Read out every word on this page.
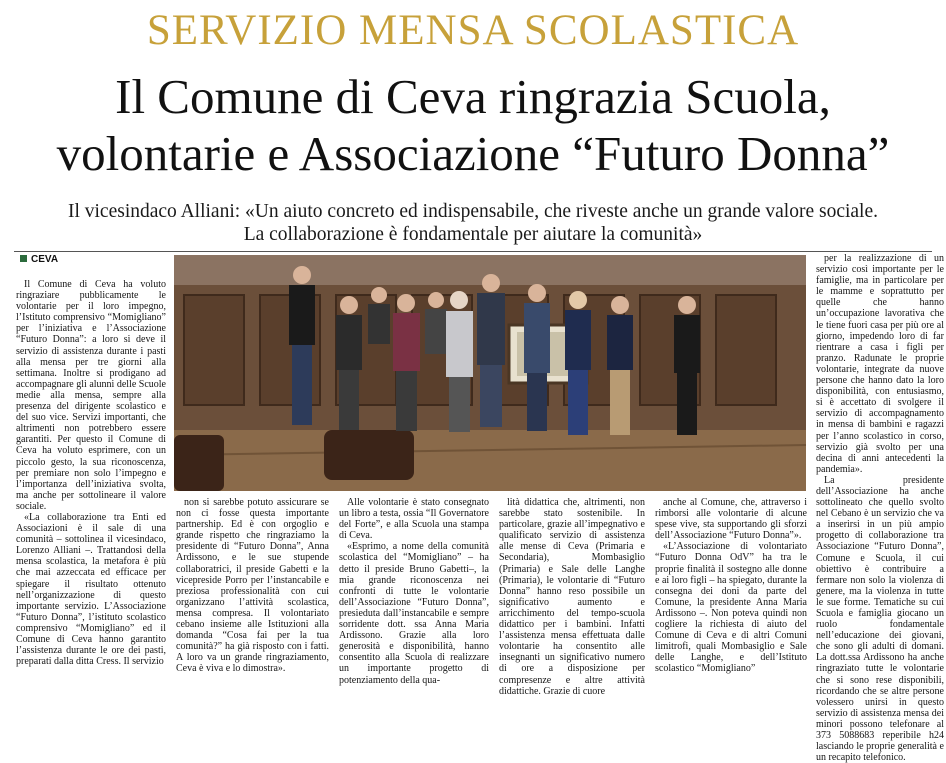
SERVIZIO MENSA SCOLASTICA
Il Comune di Ceva ringrazia Scuola,
volontarie e Associazione “Futuro Donna”
Il vicesindaco Alliani: «Un aiuto concreto ed indispensabile, che riveste anche un grande valore sociale.
La collaborazione è fondamentale per aiutare la comunità»
CEVA

Il Comune di Ceva ha voluto ringraziare pubblicamente le volontarie per il loro impegno, l’Istituto comprensivo “Momigliano” per l’iniziativa e l’Associazione “Futuro Donna”: a loro si deve il servizio di assistenza durante i pasti alla mensa per tre giorni alla settimana. Inoltre si prodigano ad accompagnare gli alunni delle Scuole medie alla mensa, sempre alla presenza del dirigente scolastico e del suo vice. Servizi importanti, che altrimenti non potrebbero essere garantiti. Per questo il Comune di Ceva ha voluto esprimere, con un piccolo gesto, la sua riconoscenza, per premiare non solo l’impegno e l’importanza dell’iniziativa svolta, ma anche per sottolineare il valore sociale.

«La collaborazione tra Enti ed Associazioni è il sale di una comunità – sottolinea il vicesindaco, Lorenzo Alliani –. Trattandosi della mensa scolastica, la metafora è più che mai azzeccata ed efficace per spiegare il risultato ottenuto nell’organizzazione di questo importante servizio. L’Associazione “Futuro Donna”, l’istituto scolastico comprensivo “Momigliano” ed il Comune di Ceva hanno garantito l’assistenza durante le ore dei pasti, preparati dalla ditta Cress. Il servizio

non si sarebbe potuto assicurare se non ci fosse questa importante partnership. Ed è con orgoglio e grande rispetto che ringraziamo la presidente di “Futuro Donna”, Anna Ardissono, e le sue stupende collaboratrici, il preside Gabetti e la vicepreside Porro per l’instancabile e preziosa professionalità con cui organizzano l’attività scolastica, mensa compresa. Il volontariato cebano insieme alle Istituzioni alla domanda “Cosa fai per la tua comunità?” ha già risposto con i fatti. A loro va un grande ringraziamento, Ceva è viva e lo dimostra».

Alle volontarie è stato consegnato un libro a testa, ossia “Il Governatore del Forte”, e alla Scuola una stampa di Ceva.

«Esprimo, a nome della comunità scolastica del “Momigliano” – ha detto il preside Bruno Gabetti–, la mia grande riconoscenza nei confronti di tutte le volontarie dell’Associazione “Futuro Donna”, presieduta dall’instancabile e sempre sorridente dott. ssa Anna Maria Ardissono. Grazie alla loro generosità e disponibilità, hanno consentito alla Scuola di realizzare un importante progetto di potenziamento della qua-

lità didattica che, altrimenti, non sarebbe stato sostenibile. In particolare, grazie all’impegnativo e qualificato servizio di assistenza alle mense di Ceva (Primaria e Secondaria), Mombasiglio (Primaria) e Sale delle Langhe (Primaria), le volontarie di “Futuro Donna” hanno reso possibile un significativo aumento e arricchimento del tempo-scuola didattico per i bambini. Infatti l’assistenza mensa effettuata dalle volontarie ha consentito alle insegnanti un significativo numero di ore a disposizione per compresenze e altre attività didattiche. Grazie di cuore

anche al Comune, che, attraverso i rimborsi alle volontarie di alcune spese vive, sta supportando gli sforzi dell’Associazione “Futuro Donna”».

«L’Associazione di volontariato “Futuro Donna OdV” ha tra le proprie finalità il sostegno alle donne e ai loro figli – ha spiegato, durante la consegna dei doni da parte del Comune, la presidente Anna Maria Ardissono –. Non poteva quindi non cogliere la richiesta di aiuto del Comune di Ceva e di altri Comuni limitrofi, quali Mombasiglio e Sale delle Langhe, e dell’Istituto scolastico “Momigliano”

per la realizzazione di un servizio così importante per le famiglie, ma in particolare per le mamme e soprattutto per quelle che hanno un’occupazione lavorativa che le tiene fuori casa per più ore al giorno, impedendo loro di far rientrare a casa i figli per pranzo. Radunate le proprie volontarie, integrate da nuove persone che hanno dato la loro disponibilità, con entusiasmo, si è accettato di svolgere il servizio di accompagnamento in mensa di bambini e ragazzi per l’anno scolastico in corso, servizio già svolto per una decina di anni antecedenti la pandemia».

La presidente dell’Associazione ha anche sottolineato che quello svolto nel Cebano è un servizio che va a inserirsi in un più ampio progetto di collaborazione tra Associazione “Futuro Donna”, Comune e Scuola, il cui obiettivo è contribuire a fermare non solo la violenza di genere, ma la violenza in tutte le sue forme. Tematiche su cui Scuola e famiglia giocano un ruolo fondamentale nell’educazione dei giovani, che sono gli adulti di domani. La dott.ssa Ardissono ha anche ringraziato tutte le volontarie che si sono rese disponibili, ricordando che se altre persone volessero unirsi in questo servizio di assistenza mensa dei minori possono telefonare al 373 5088683 reperibile h24 lasciando le proprie generalità e un recapito telefonico.
